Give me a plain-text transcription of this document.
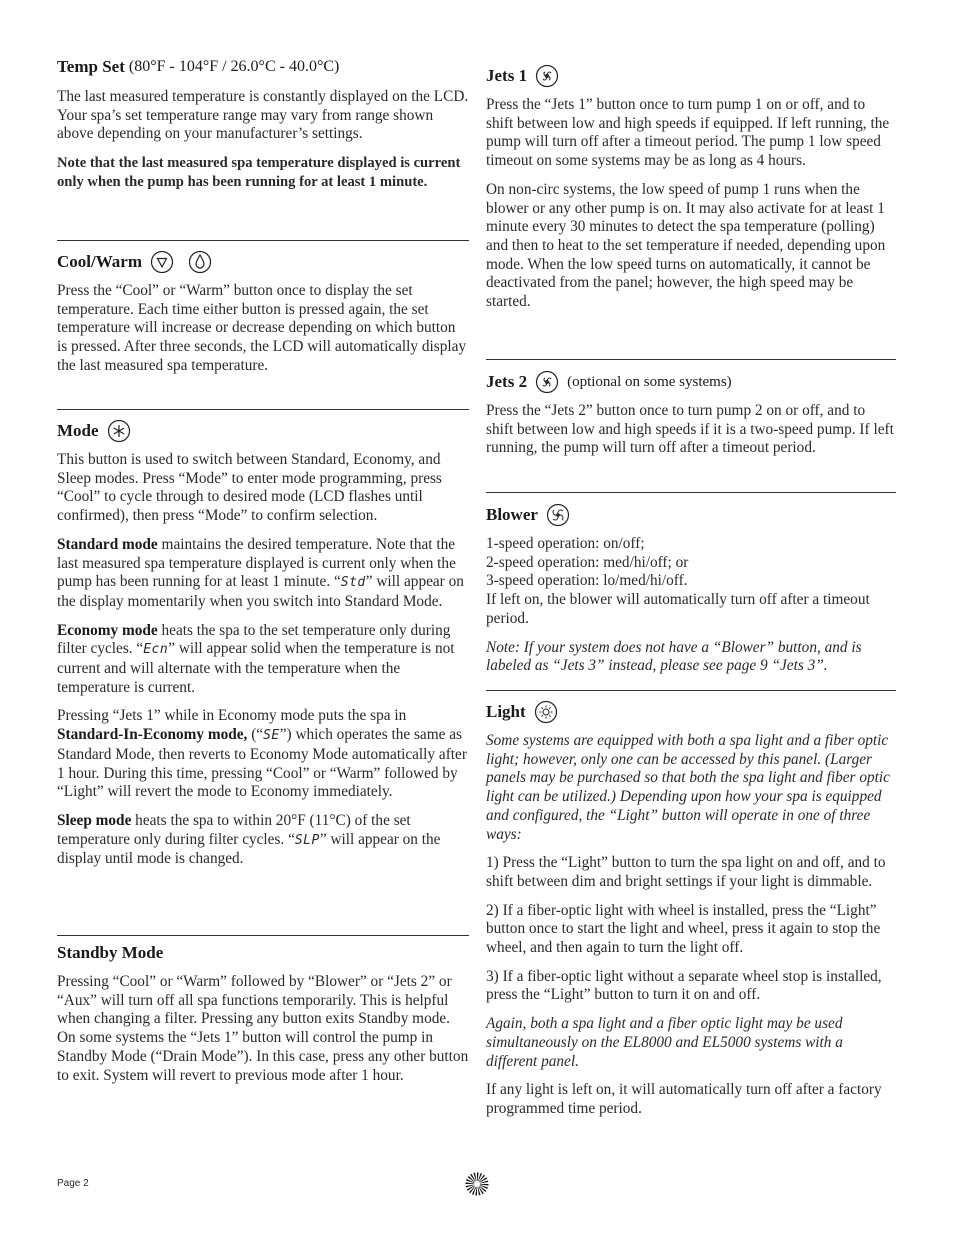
Temp Set (80°F - 104°F / 26.0°C - 40.0°C)

The last measured temperature is constantly displayed on the LCD. Your spa’s set temperature range may vary from range shown above depending on your manufacturer’s settings.

Note that the last measured spa temperature displayed is current only when the pump has been running for at least 1 minute.

Cool/Warm

Press the “Cool” or “Warm” button once to display the set temperature. Each time either button is pressed again, the set temperature will increase or decrease depending on which button is pressed. After three seconds, the LCD will automatically display the last measured spa temperature.

Mode

This button is used to switch between Standard, Economy, and Sleep modes. Press “Mode” to enter mode programming, press “Cool” to cycle through to desired mode (LCD flashes until confirmed), then press “Mode” to confirm selection.

Standard mode maintains the desired temperature. Note that the last measured spa temperature displayed is current only when the pump has been running for at least 1 minute. “Std” will appear on the display momentarily when you switch into Standard Mode.

Economy mode heats the spa to the set temperature only during filter cycles. “Ecn” will appear solid when the temperature is not current and will alternate with the temperature when the temperature is current.

Pressing “Jets 1” while in Economy mode puts the spa in Standard-In-Economy mode, (“SE”) which operates the same as Standard Mode, then reverts to Economy Mode automatically after 1 hour. During this time, pressing “Cool” or “Warm” followed by “Light” will revert the mode to Economy immediately.

Sleep mode heats the spa to within 20°F (11°C) of the set temperature only during filter cycles. “SLP” will appear on the display until mode is changed.

Standby Mode

Pressing “Cool” or “Warm” followed by “Blower” or “Jets 2” or “Aux” will turn off all spa functions temporarily. This is helpful when changing a filter. Pressing any button exits Standby mode. On some systems the “Jets 1” button will control the pump in Standby Mode (“Drain Mode”). In this case, press any other button to exit. System will revert to previous mode after 1 hour.

Jets 1

Press the “Jets 1” button once to turn pump 1 on or off, and to shift between low and high speeds if equipped. If left running, the pump will turn off after a timeout period. The pump 1 low speed timeout on some systems may be as long as 4 hours.

On non-circ systems, the low speed of pump 1 runs when the blower or any other pump is on. It may also activate for at least 1 minute every 30 minutes to detect the spa temperature (polling) and then to heat to the set temperature if needed, depending upon mode. When the low speed turns on automatically, it cannot be deactivated from the panel; however, the high speed may be started.

Jets 2	(optional on some systems)

Press the “Jets 2” button once to turn pump 2 on or off, and to shift between low and high speeds if it is a two-speed pump. If left running, the pump will turn off after a timeout period.

Blower

1-speed operation: on/off;

2-speed operation: med/hi/off; or

3-speed operation: lo/med/hi/off.

If left on, the blower will automatically turn off after a timeout period.

Note: If your system does not have a “Blower” button, and is labeled as “Jets 3” instead, please see page 9 “Jets 3”.

Light

Some systems are equipped with both a spa light and a fiber optic light; however, only one can be accessed by this panel. (Larger panels may be purchased so that both the spa light and fiber optic light can be utilized.) Depending upon how your spa is equipped and configured, the “Light” button will operate in one of three ways:

1) Press the “Light” button to turn the spa light on and off, and to shift between dim and bright settings if your light is dimmable.

2) If a fiber-optic light with wheel is installed, press the “Light” button once to start the light and wheel, press it again to stop the wheel, and then again to turn the light off.

3) If a fiber-optic light without a separate wheel stop is installed, press the “Light” button to turn it on and off.

Again, both a spa light and a fiber optic light may be used simultaneously on the EL8000 and EL5000 systems with a different panel.

If any light is left on, it will automatically turn off after a factory programmed time period.

Page 2
